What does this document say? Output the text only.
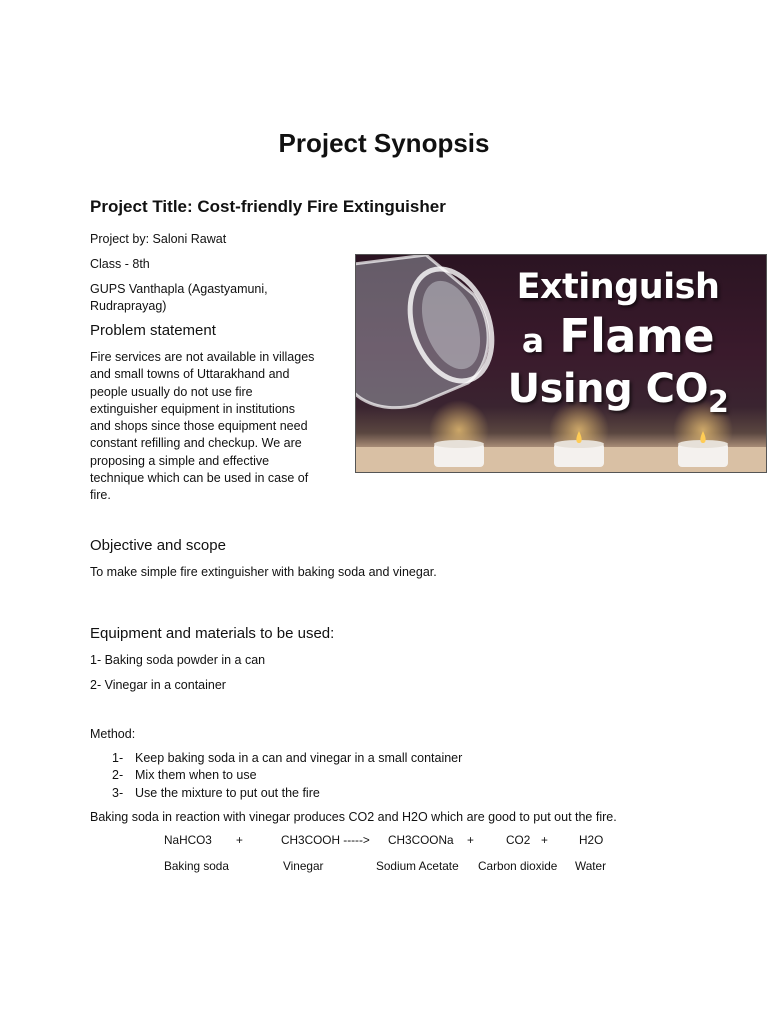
Project Synopsis
Project Title: Cost-friendly Fire Extinguisher
Project by: Saloni Rawat
Class - 8th
GUPS Vanthapla (Agastyamuni,
Rudraprayag)
Problem statement
Fire services are not available in villages
and small towns of Uttarakhand and
people usually do not use fire
extinguisher equipment in institutions
and shops since those equipment need
constant refilling and checkup. We are
proposing a simple and effective
technique which can be used in case of
fire.
Extinguish
a Flame
Using $CO_2$
Objective and scope
To make simple fire extinguisher with baking soda and vinegar.
Equipment and materials to be used:
1- Baking soda powder in a can
2- Vinegar in a container
Method:
1- Keep baking soda in a can and vinegar in a small container
2- Mix them when to use
3- Use the mixture to put out the fire
Baking soda in reaction with vinegar produces CO2 and H2O which are good to put out the fire.
NaHCO3 +	CH3COOH -----> CH3COONa +	CO2 +	H2O
Baking soda	Vinegar	Sodium Acetate Carbon dioxide Water
